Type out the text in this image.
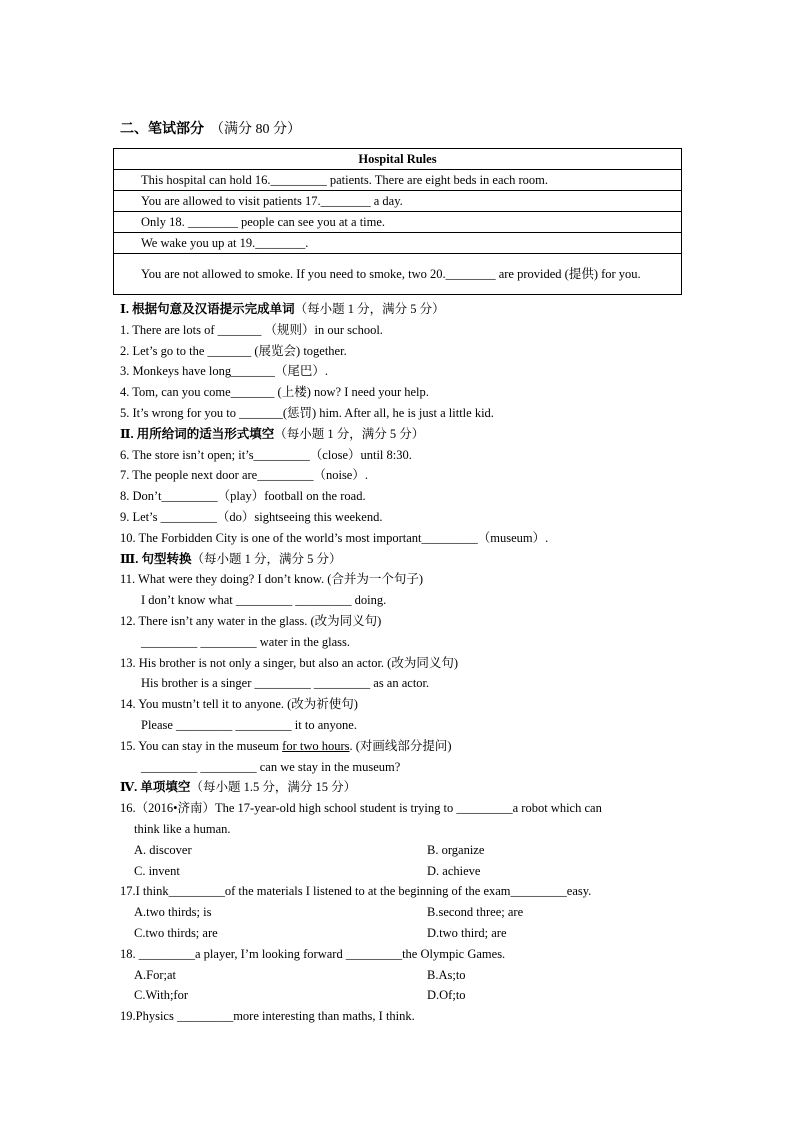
二、笔试部分 （满分 80 分）
Hospital Rules
This hospital can hold 16._________ patients. There are eight beds in each room.
You are allowed to visit patients 17.________ a day.
Only 18. ________ people can see you at a time.
We wake you up at 19.________.
You are not allowed to smoke. If you need to smoke, two 20.________ are provided (提供) for you.
Ⅰ. 根据句意及汉语提示完成单词（每小题 1 分，满分 5 分）
1. There are lots of _______ （规则）in our school.
2. Let’s go to the _______ (展览会) together.
3. Monkeys have long_______（尾巴）.
4. Tom, can you come_______ (上楼) now? I need your help.
5. It’s wrong for you to _______(惩罚) him. After all, he is just a little kid.
Ⅱ. 用所给词的适当形式填空（每小题 1 分，满分 5 分）
6. The store isn’t open; it’s_________（close）until 8:30.
7. The people next door are_________（noise）.
8. Don’t_________（play）football on the road.
9. Let’s _________（do）sightseeing this weekend.
10. The Forbidden City is one of the world’s most important_________（museum）.
Ⅲ. 句型转换（每小题 1 分，满分 5 分）
11. What were they doing? I don’t know. (合并为一个句子)
I don’t know what _________ _________ doing.
12. There isn’t any water in the glass. (改为同义句)
_________ _________ water in the glass.
13. His brother is not only a singer, but also an actor. (改为同义句)
His brother is a singer _________ _________ as an actor.
14. You mustn’t tell it to anyone. (改为祈使句)
Please _________ _________ it to anyone.
15. You can stay in the museum for two hours. (对画线部分提问)
_________ _________ can we stay in the museum?
Ⅳ. 单项填空（每小题 1.5 分，满分 15 分）
16.（2016•济南）The 17-year-old high school student is trying to _________a robot which can
think like a human.
A. discover	B. organize
C. invent	D. achieve
17.I think_________of the materials I listened to at the beginning of the exam_________easy.
A.two thirds; is	B.second three; are
C.two thirds; are	D.two third; are
18. _________a player, I’m looking forward _________the Olympic Games.
A.For;at	B.As;to
C.With;for	D.Of;to
19.Physics _________more interesting than maths, I think.
